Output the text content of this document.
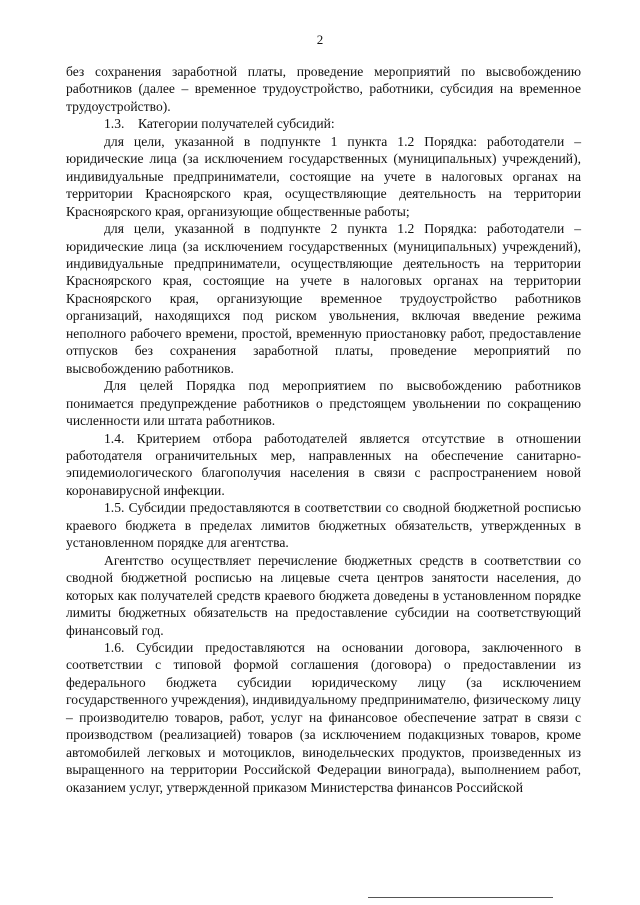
2

без сохранения заработной платы, проведение мероприятий по высвобождению работников (далее – временное трудоустройство, работники, субсидия на временное трудоустройство).

1.3. Категории получателей субсидий:

для цели, указанной в подпункте 1 пункта 1.2 Порядка: работодатели – юридические лица (за исключением государственных (муниципальных) учреждений), индивидуальные предприниматели, состоящие на учете в налоговых органах на территории Красноярского края, осуществляющие деятельность на территории Красноярского края, организующие общественные работы;

для цели, указанной в подпункте 2 пункта 1.2 Порядка: работодатели – юридические лица (за исключением государственных (муниципальных) учреждений), индивидуальные предприниматели, осуществляющие деятельность на территории Красноярского края, состоящие на учете в налоговых органах на территории Красноярского края, организующие временное трудоустройство работников организаций, находящихся под риском увольнения, включая введение режима неполного рабочего времени, простой, временную приостановку работ, предоставление отпусков без сохранения заработной платы, проведение мероприятий по высвобождению работников.

Для целей Порядка под мероприятием по высвобождению работников понимается предупреждение работников о предстоящем увольнении по сокращению численности или штата работников.

1.4. Критерием отбора работодателей является отсутствие в отношении работодателя ограничительных мер, направленных на обеспечение санитарно-эпидемиологического благополучия населения в связи с распространением новой коронавирусной инфекции.

1.5. Субсидии предоставляются в соответствии со сводной бюджетной росписью краевого бюджета в пределах лимитов бюджетных обязательств, утвержденных в установленном порядке для агентства.

Агентство осуществляет перечисление бюджетных средств в соответствии со сводной бюджетной росписью на лицевые счета центров занятости населения, до которых как получателей средств краевого бюджета доведены в установленном порядке лимиты бюджетных обязательств на предоставление субсидии на соответствующий финансовый год.

1.6. Субсидии предоставляются на основании договора, заключенного в соответствии с типовой формой соглашения (договора) о предоставлении из федерального бюджета субсидии юридическому лицу (за исключением государственного учреждения), индивидуальному предпринимателю, физическому лицу – производителю товаров, работ, услуг на финансовое обеспечение затрат в связи с производством (реализацией) товаров (за исключением подакцизных товаров, кроме автомобилей легковых и мотоциклов, винодельческих продуктов, произведенных из выращенного на территории Российской Федерации винограда), выполнением работ, оказанием услуг, утвержденной приказом Министерства финансов Российской
